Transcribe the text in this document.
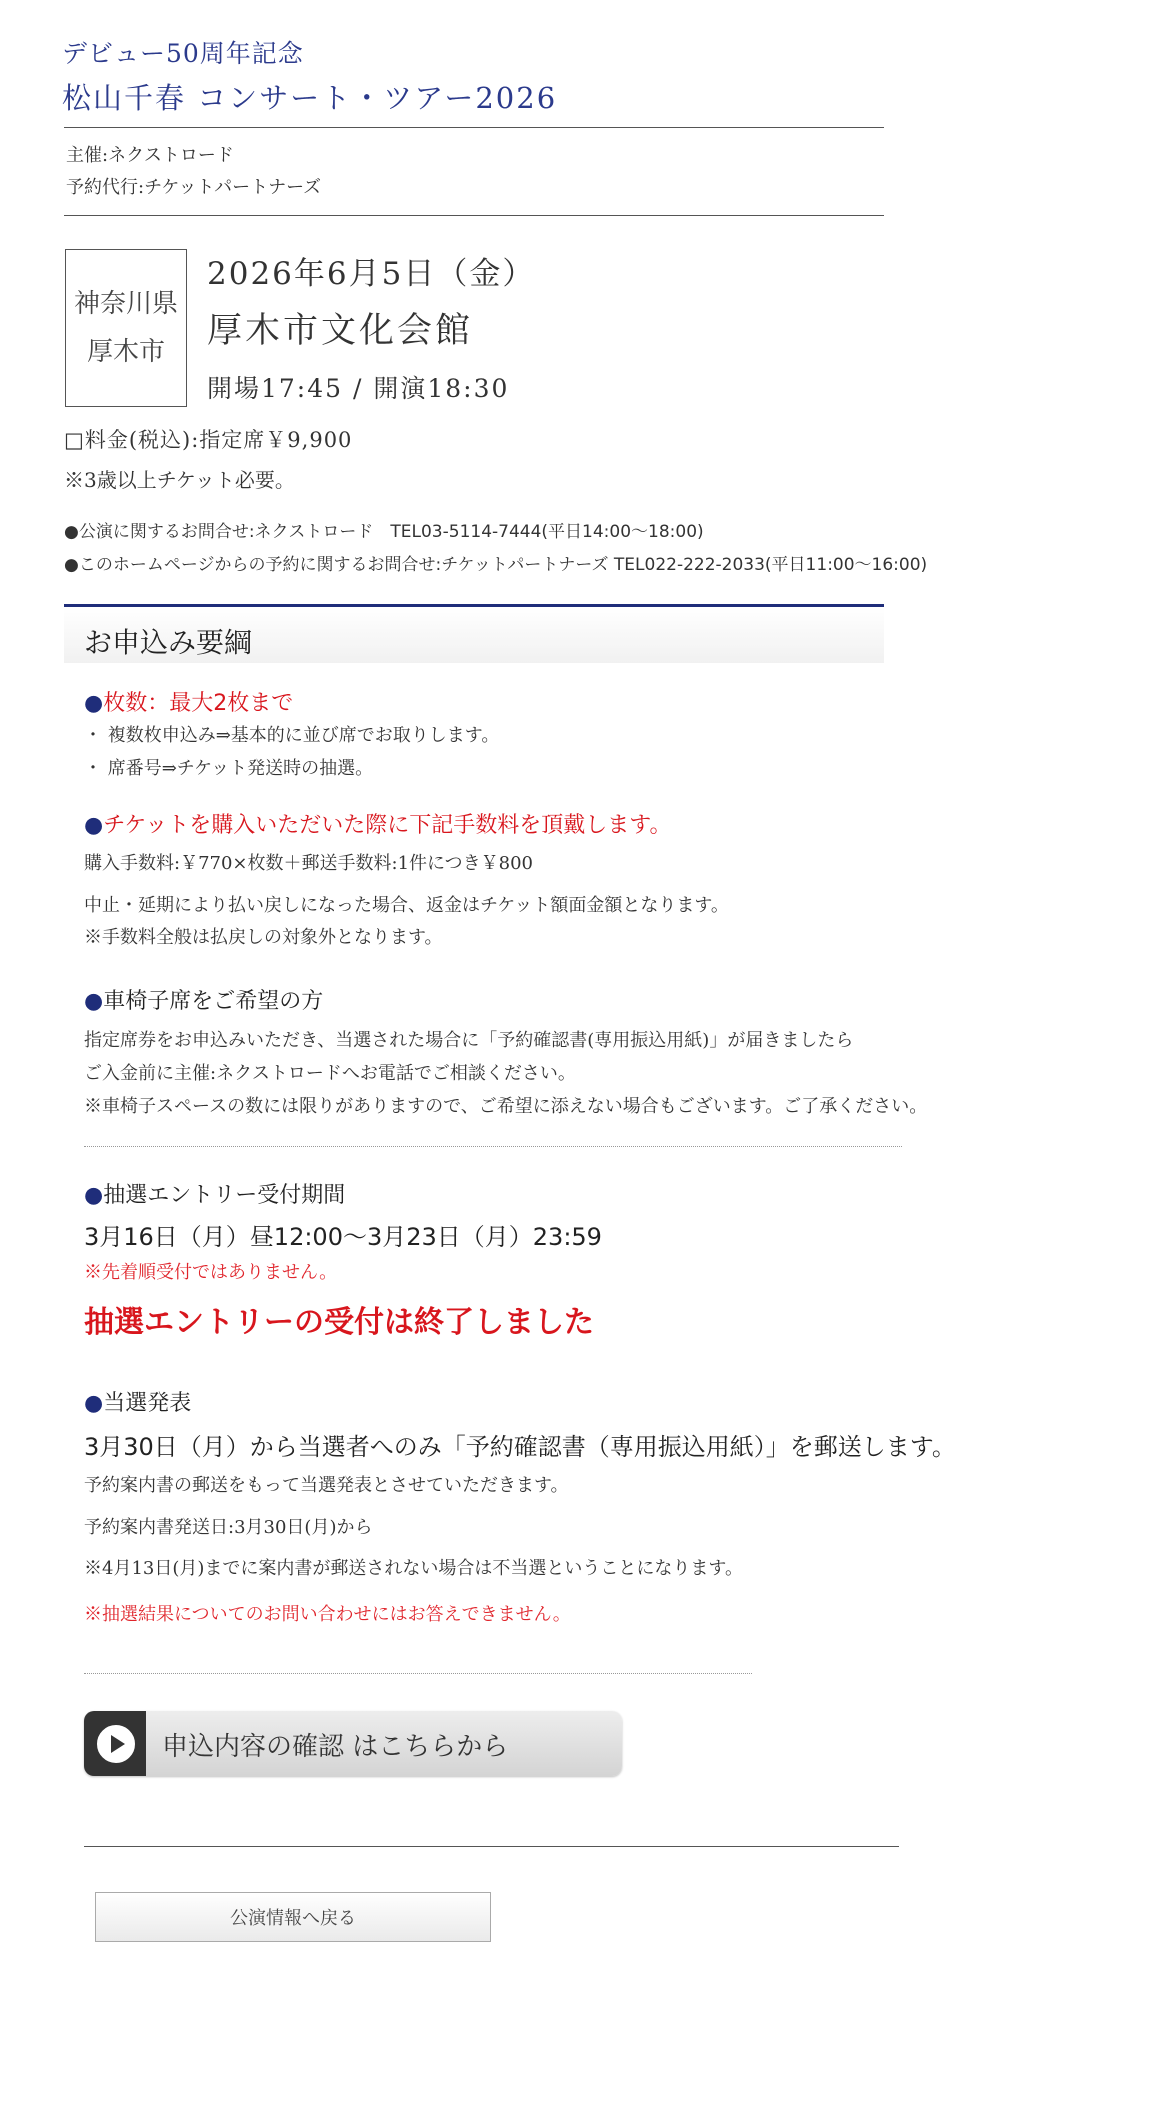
デビュー50周年記念
松山千春 コンサート・ツアー2026
主催:ネクストロード
予約代行:チケットパートナーズ
神奈川県
厚木市
2026年6月5日（金）
厚木市文化会館
開場17:45 / 開演18:30
□料金(税込):指定席￥9,900
※3歳以上チケット必要。
●公演に関するお問合せ:ネクストロード　TEL03-5114-7444(平日14:00〜18:00)
●このホームページからの予約に関するお問合せ:チケットパートナーズ TEL022-222-2033(平日11:00〜16:00)
お申込み要綱
●枚数：最大2枚まで
・ 複数枚申込み⇒基本的に並び席でお取りします。
・ 席番号⇒チケット発送時の抽選。
●チケットを購入いただいた際に下記手数料を頂戴します。
購入手数料:￥770×枚数＋郵送手数料:1件につき￥800
中止・延期により払い戻しになった場合、返金はチケット額面金額となります。
※手数料全般は払戻しの対象外となります。
●車椅子席をご希望の方
指定席券をお申込みいただき、当選された場合に「予約確認書(専用振込用紙)」が届きましたら
ご入金前に主催:ネクストロードへお電話でご相談ください。
※車椅子スペースの数には限りがありますので、ご希望に添えない場合もございます。ご了承ください。
●抽選エントリー受付期間
3月16日（月）昼12:00～3月23日（月）23:59
※先着順受付ではありません。
抽選エントリーの受付は終了しました
●当選発表
3月30日（月）から当選者へのみ「予約確認書（専用振込用紙）」を郵送します。
予約案内書の郵送をもって当選発表とさせていただきます。
予約案内書発送日:3月30日(月)から
※4月13日(月)までに案内書が郵送されない場合は不当選ということになります。
※抽選結果についてのお問い合わせにはお答えできません。
申込内容の確認 はこちらから
公演情報へ戻る
